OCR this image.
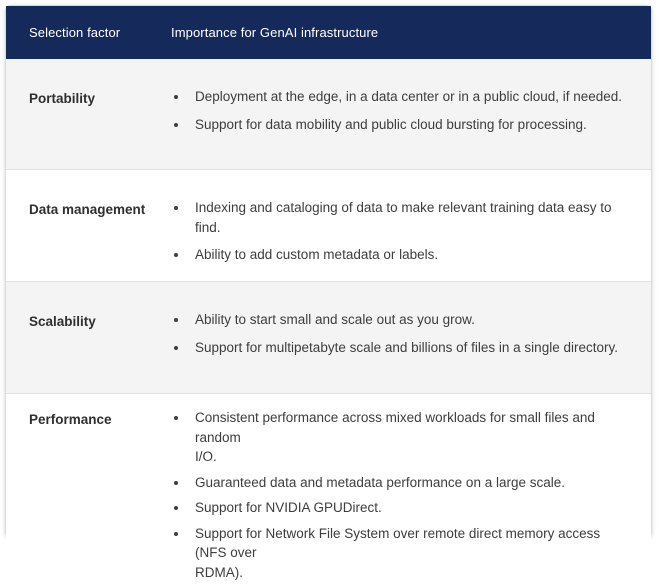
Selection factor	Importance for GenAI infrastructure
Portability	Deployment at the edge, in a data center or in a public cloud, if needed.
Support for data mobility and public cloud bursting for processing.
Data management	Indexing and cataloging of data to make relevant training data easy to find.
Ability to add custom metadata or labels.
Scalability	Ability to start small and scale out as you grow.
Support for multipetabyte scale and billions of files in a single directory.
Performance	Consistent performance across mixed workloads for small files and random
I/O.
Guaranteed data and metadata performance on a large scale.
Support for NVIDIA GPUDirect.
Support for Network File System over remote direct memory access (NFS over
RDMA).
